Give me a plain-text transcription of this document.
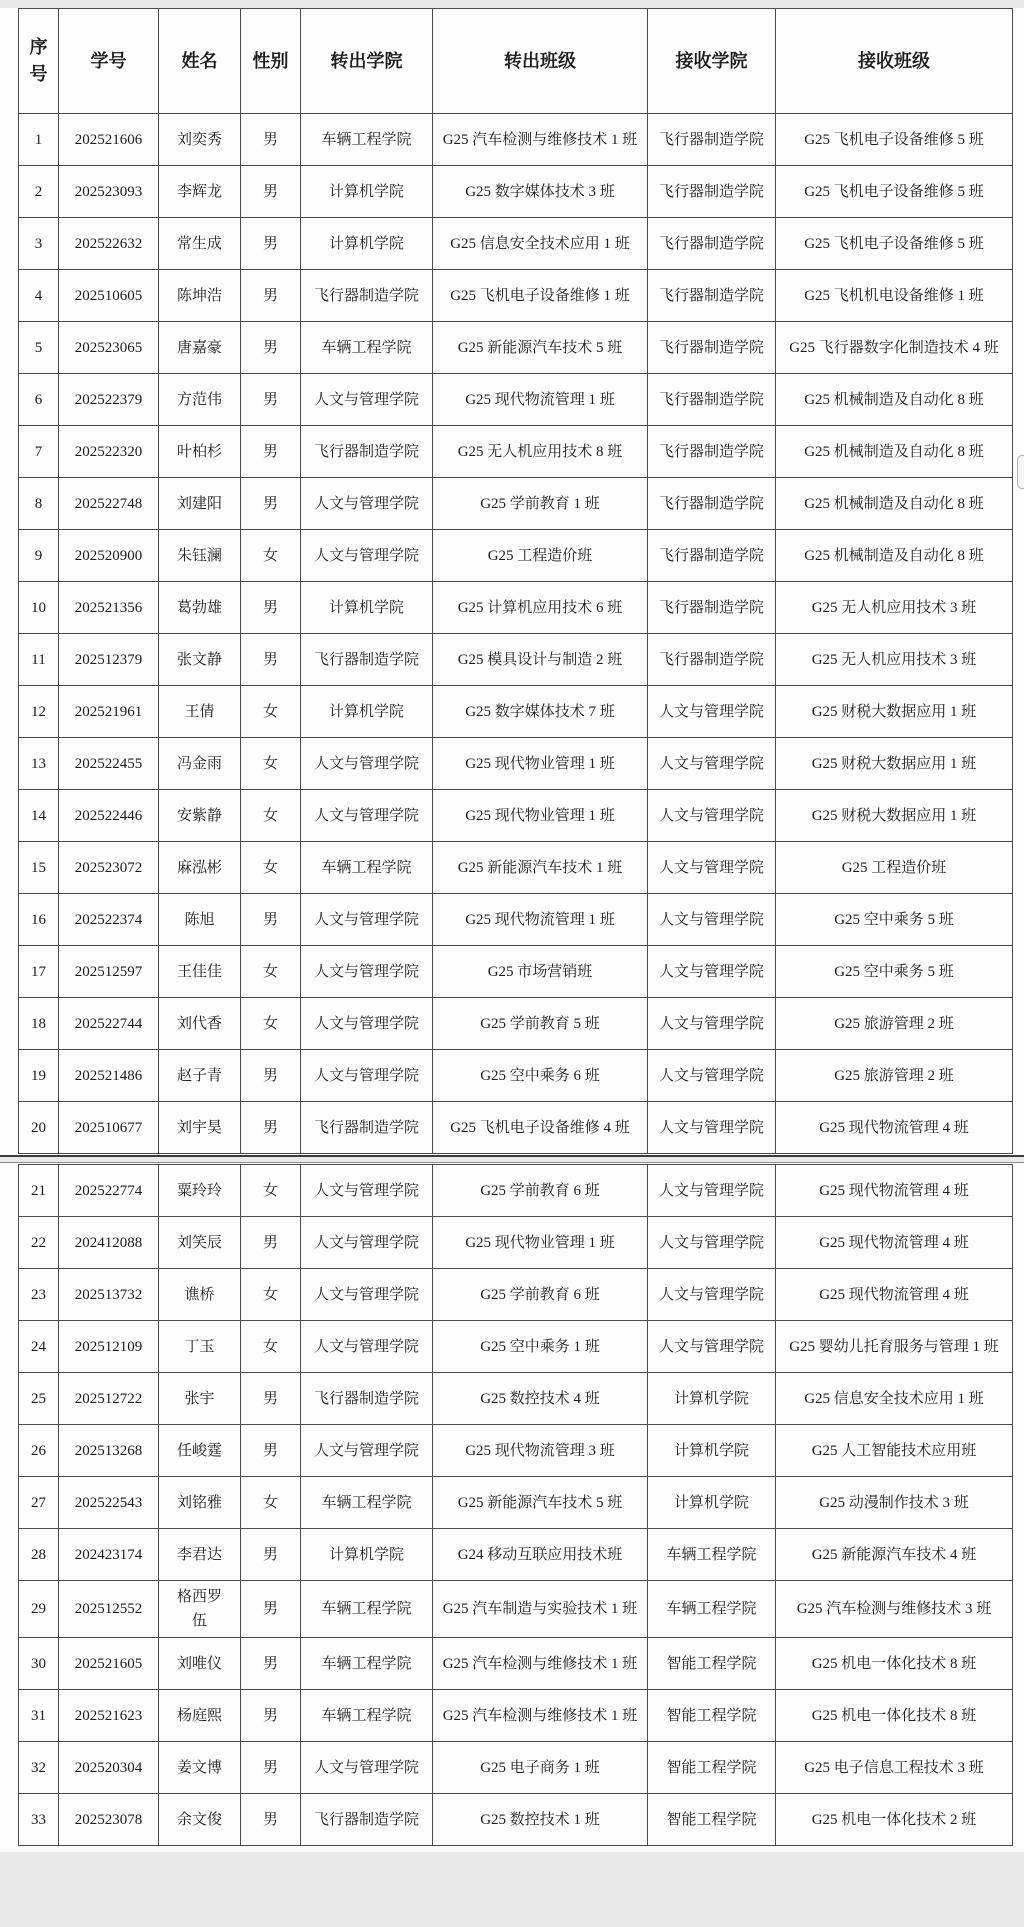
序号	学号	姓名	性别	转出学院	转出班级	接收学院	接收班级
1	202521606	刘奕秀	男	车辆工程学院	G25 汽车检测与维修技术 1 班	飞行器制造学院	G25 飞机电子设备维修 5 班
2	202523093	李辉龙	男	计算机学院	G25 数字媒体技术 3 班	飞行器制造学院	G25 飞机电子设备维修 5 班
3	202522632	常生成	男	计算机学院	G25 信息安全技术应用 1 班	飞行器制造学院	G25 飞机电子设备维修 5 班
4	202510605	陈坤浩	男	飞行器制造学院	G25 飞机电子设备维修 1 班	飞行器制造学院	G25 飞机机电设备维修 1 班
5	202523065	唐嘉豪	男	车辆工程学院	G25 新能源汽车技术 5 班	飞行器制造学院	G25 飞行器数字化制造技术 4 班
6	202522379	方范伟	男	人文与管理学院	G25 现代物流管理 1 班	飞行器制造学院	G25 机械制造及自动化 8 班
7	202522320	叶柏杉	男	飞行器制造学院	G25 无人机应用技术 8 班	飞行器制造学院	G25 机械制造及自动化 8 班
8	202522748	刘建阳	男	人文与管理学院	G25 学前教育 1 班	飞行器制造学院	G25 机械制造及自动化 8 班
9	202520900	朱钰澜	女	人文与管理学院	G25 工程造价班	飞行器制造学院	G25 机械制造及自动化 8 班
10	202521356	葛勃雄	男	计算机学院	G25 计算机应用技术 6 班	飞行器制造学院	G25 无人机应用技术 3 班
11	202512379	张文静	男	飞行器制造学院	G25 模具设计与制造 2 班	飞行器制造学院	G25 无人机应用技术 3 班
12	202521961	王倩	女	计算机学院	G25 数字媒体技术 7 班	人文与管理学院	G25 财税大数据应用 1 班
13	202522455	冯金雨	女	人文与管理学院	G25 现代物业管理 1 班	人文与管理学院	G25 财税大数据应用 1 班
14	202522446	安紫静	女	人文与管理学院	G25 现代物业管理 1 班	人文与管理学院	G25 财税大数据应用 1 班
15	202523072	麻泓彬	女	车辆工程学院	G25 新能源汽车技术 1 班	人文与管理学院	G25 工程造价班
16	202522374	陈旭	男	人文与管理学院	G25 现代物流管理 1 班	人文与管理学院	G25 空中乘务 5 班
17	202512597	王佳佳	女	人文与管理学院	G25 市场营销班	人文与管理学院	G25 空中乘务 5 班
18	202522744	刘代香	女	人文与管理学院	G25 学前教育 5 班	人文与管理学院	G25 旅游管理 2 班
19	202521486	赵子青	男	人文与管理学院	G25 空中乘务 6 班	人文与管理学院	G25 旅游管理 2 班
20	202510677	刘宇昊	男	飞行器制造学院	G25 飞机电子设备维修 4 班	人文与管理学院	G25 现代物流管理 4 班
21	202522774	粟玲玲	女	人文与管理学院	G25 学前教育 6 班	人文与管理学院	G25 现代物流管理 4 班
22	202412088	刘笑辰	男	人文与管理学院	G25 现代物业管理 1 班	人文与管理学院	G25 现代物流管理 4 班
23	202513732	谯桥	女	人文与管理学院	G25 学前教育 6 班	人文与管理学院	G25 现代物流管理 4 班
24	202512109	丁玉	女	人文与管理学院	G25 空中乘务 1 班	人文与管理学院	G25 婴幼儿托育服务与管理 1 班
25	202512722	张宇	男	飞行器制造学院	G25 数控技术 4 班	计算机学院	G25 信息安全技术应用 1 班
26	202513268	任峻霆	男	人文与管理学院	G25 现代物流管理 3 班	计算机学院	G25 人工智能技术应用班
27	202522543	刘铭雅	女	车辆工程学院	G25 新能源汽车技术 5 班	计算机学院	G25 动漫制作技术 3 班
28	202423174	李君达	男	计算机学院	G24 移动互联应用技术班	车辆工程学院	G25 新能源汽车技术 4 班
29	202512552	格西罗伍	男	车辆工程学院	G25 汽车制造与实验技术 1 班	车辆工程学院	G25 汽车检测与维修技术 3 班
30	202521605	刘唯仪	男	车辆工程学院	G25 汽车检测与维修技术 1 班	智能工程学院	G25 机电一体化技术 8 班
31	202521623	杨庭熙	男	车辆工程学院	G25 汽车检测与维修技术 1 班	智能工程学院	G25 机电一体化技术 8 班
32	202520304	姜文博	男	人文与管理学院	G25 电子商务 1 班	智能工程学院	G25 电子信息工程技术 3 班
33	202523078	余文俊	男	飞行器制造学院	G25 数控技术 1 班	智能工程学院	G25 机电一体化技术 2 班
